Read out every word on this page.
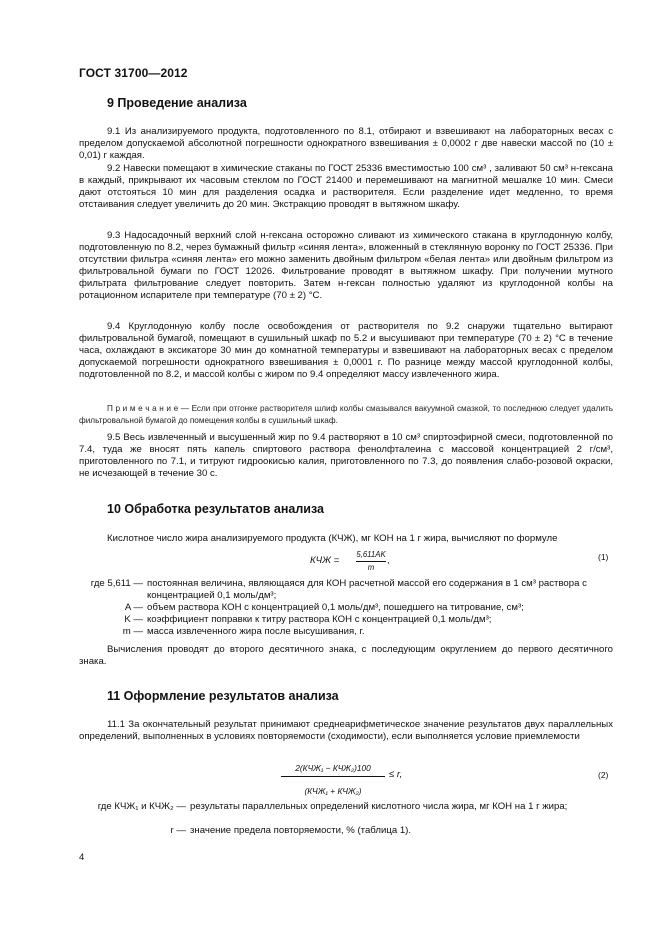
ГОСТ 31700—2012
9 Проведение анализа
9.1 Из анализируемого продукта, подготовленного по 8.1, отбирают и взвешивают на лабораторных весах с пределом допускаемой абсолютной погрешности однократного взвешивания ± 0,0002 г две навески массой по (10 ± 0,01) г каждая.
9.2 Навески помещают в химические стаканы по ГОСТ 25336 вместимостью 100 см³ , заливают 50 см³ н-гексана в каждый, прикрывают их часовым стеклом по ГОСТ 21400 и перемешивают на магнитной мешалке 10 мин. Смеси дают отстояться 10 мин для разделения осадка и растворителя. Если разделение идет медленно, то время отстаивания следует увеличить до 20 мин. Экстракцию проводят в вытяжном шкафу.
9.3 Надосадочный верхний слой н-гексана осторожно сливают из химического стакана в круглодонную колбу, подготовленную по 8.2, через бумажный фильтр «синяя лента», вложенный в стеклянную воронку по ГОСТ 25336. При отсутствии фильтра «синяя лента» его можно заменить двойным фильтром «белая лента» или двойным фильтром из фильтровальной бумаги по ГОСТ 12026. Фильтрование проводят в вытяжном шкафу. При получении мутного фильтрата фильтрование следует повторить. Затем н-гексан полностью удаляют из круглодонной колбы на ротационном испарителе при температуре (70 ± 2) °С.
9.4 Круглодонную колбу после освобождения от растворителя по 9.2 снаружи тщательно вытирают фильтровальной бумагой, помещают в сушильный шкаф по 5.2 и высушивают при температуре (70 ± 2) °С в течение часа, охлаждают в эксикаторе 30 мин до комнатной температуры и взвешивают на лабораторных весах с пределом допускаемой погрешности однократного взвешивания ± 0,0001 г. По разнице между массой круглодонной колбы, подготовленной по 8.2, и массой колбы с жиром по 9.4 определяют массу извлеченного жира.
П р и м е ч а н и е — Если при отгонке растворителя шлиф колбы смазывался вакуумной смазкой, то последнюю следует удалить фильтровальной бумагой до помещения колбы в сушильный шкаф.
9.5 Весь извлеченный и высушенный жир по 9.4 растворяют в 10 см³ спиртоэфирной смеси, подготовленной по 7.4, туда же вносят пять капель спиртового раствора фенолфталеина с массовой концентрацией 2 г/см³, приготовленного по 7.1, и титруют гидроокисью калия, приготовленного по 7.3, до появления слабо-розовой окраски, не исчезающей в течение 30 с.
10 Обработка результатов анализа
Кислотное число жира анализируемого продукта (КЧЖ), мг КОН на 1 г жира, вычисляют по формуле
КЧЖ =
5,611AK
m
,	(1)
где 5,611 — постоянная величина, являющаяся для КОН расчетной массой его содержания в 1 см³ раствора с концентрацией 0,1 моль/дм³;
A — объем раствора КОН с концентрацией 0,1 моль/дм³, пошедшего на титрование, см³;
K — коэффициент поправки к титру раствора КОН с концентрацией 0,1 моль/дм³;
m — масса извлеченного жира после высушивания, г.
Вычисления проводят до второго десятичного знака, с последующим округлением до первого десятичного знака.
11 Оформление результатов анализа
11.1 За окончательный результат принимают среднеарифметическое значение результатов двух параллельных определений, выполненных в условиях повторяемости (сходимости), если выполняется условие приемлемости
2(КЧЖ₁ − КЧЖ₂)100
(КЧЖ₁ + КЧЖ₂)
≤ r,	(2)
где КЧЖ₁ и КЧЖ₂ — результаты параллельных определений кислотного числа жира, мг КОН на 1 г жира;
r — значение предела повторяемости, % (таблица 1).
4
